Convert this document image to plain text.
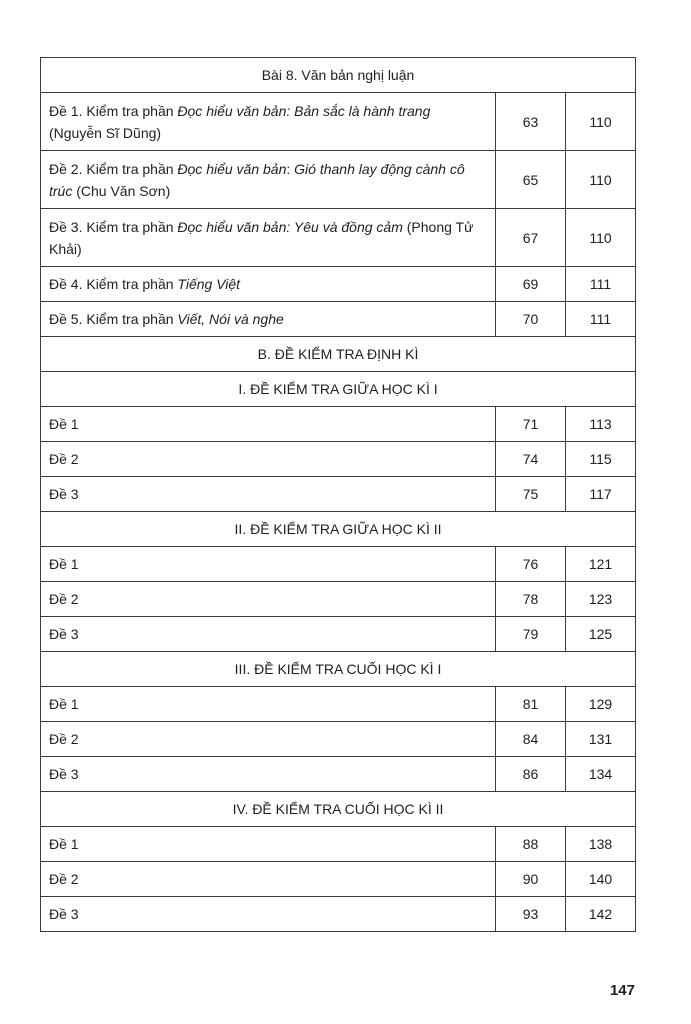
Bài 8. Văn bản nghị luận		
Đề 1. Kiểm tra phần Đọc hiểu văn bản: Bản sắc là hành trang (Nguyễn Sĩ Dũng)	63	110
Đề 2. Kiểm tra phần Đọc hiểu văn bản: Gió thanh lay động cành cô trúc (Chu Văn Sơn)	65	110
Đề 3. Kiểm tra phần Đọc hiểu văn bản: Yêu và đồng cảm (Phong Tử Khải)	67	110
Đề 4. Kiểm tra phần Tiếng Việt	69	111
Đề 5. Kiểm tra phần Viết, Nói và nghe	70	111
B. ĐỀ KIỂM TRA ĐỊNH KÌ		
I. ĐỀ KIỂM TRA GIỮA HỌC KÌ I		
Đề 1	71	113
Đề 2	74	115
Đề 3	75	117
II. ĐỀ KIỂM TRA GIỮA HỌC KÌ II		
Đề 1	76	121
Đề 2	78	123
Đề 3	79	125
III. ĐỀ KIỂM TRA CUỐI HỌC KÌ I		
Đề 1	81	129
Đề 2	84	131
Đề 3	86	134
IV. ĐỀ KIỂM TRA CUỐI HỌC KÌ II		
Đề 1	88	138
Đề 2	90	140
Đề 3	93	142
147
